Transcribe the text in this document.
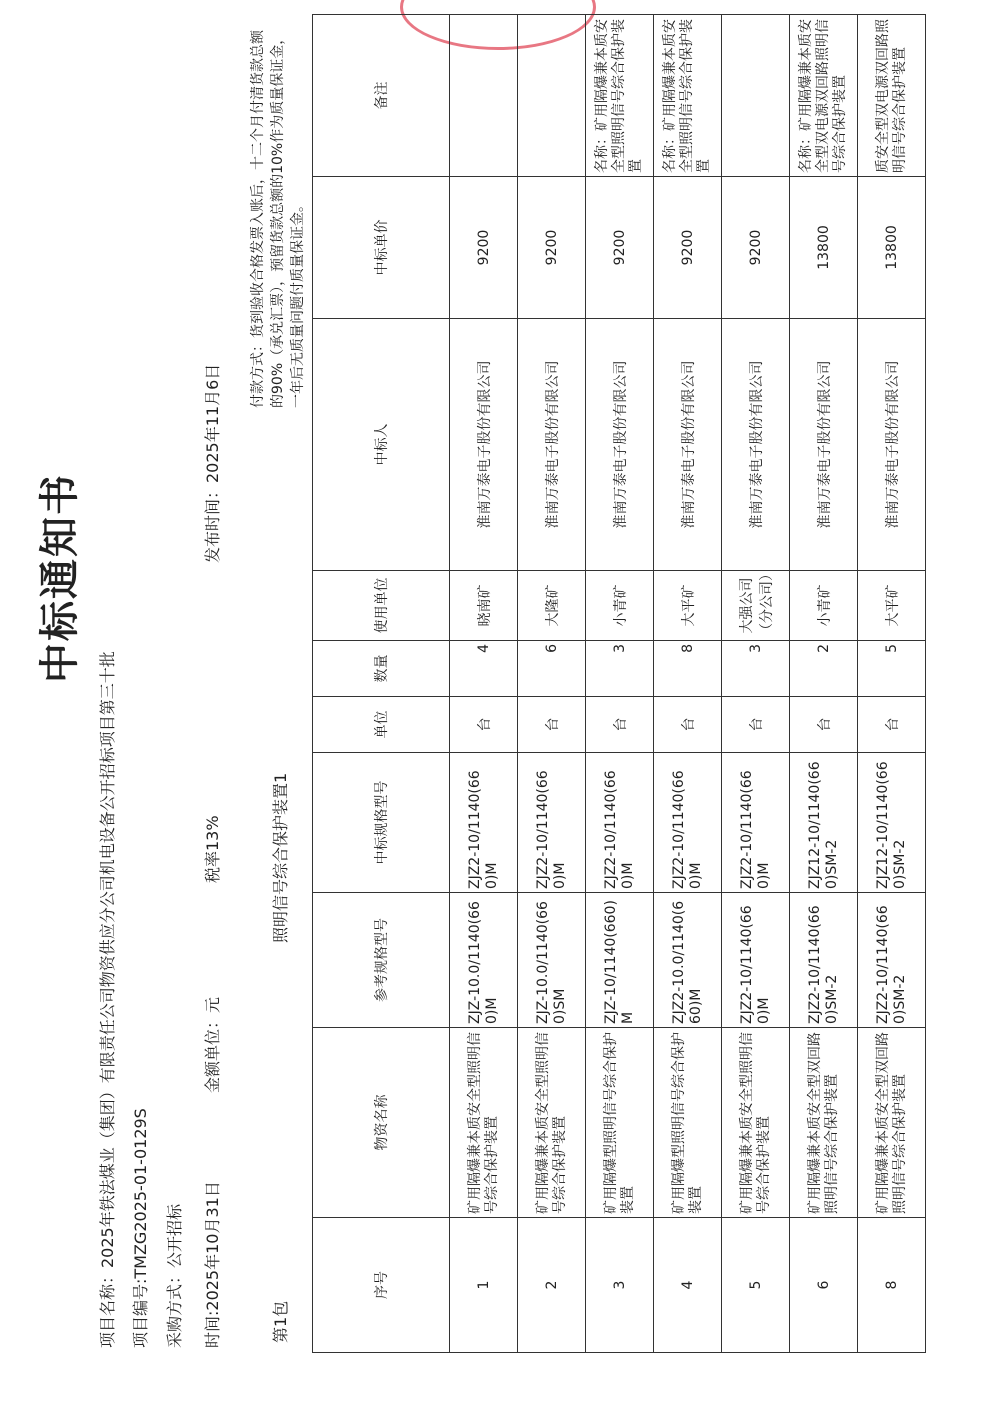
中标通知书
项目名称：2025年铁法煤业（集团）有限责任公司物资供应分公司机电设备公开招标项目第三十批 项目编号:TMZG2025-01-0129S 采购方式：公开招标 时间:2025年10月31日
金额单位：元
税率13%
发布时间：2025年11月6日
第1包
照明信号综合保护装置1
付款方式：货到验收合格发票入账后，十二个月付清货款总额的90%（承兑汇票），预留货款总额的10%作为质量保证金，一年后无质量问题付质量保证金。
序号	物资名称	参考规格型号	中标规格型号	单位	数量	使用单位	中标人	中标单价	备注
1	矿用隔爆兼本质安全型照明信号综合保护装置	ZJZ-10.0/1140(660)M	ZJZ2-10/1140(660)M	台	4	晓南矿	淮南万泰电子股份有限公司	9200	
2	矿用隔爆兼本质安全型照明信号综合保护装置	ZJZ-10.0/1140(660)SM	ZJZ2-10/1140(660)M	台	6	大隆矿	淮南万泰电子股份有限公司	9200	
3	矿用隔爆型照明信号综合保护装置	ZJZ-10/1140(660)M	ZJZ2-10/1140(660)M	台	3	小青矿	淮南万泰电子股份有限公司	9200	名称：矿用隔爆兼本质安全型照明信号综合保护装置
4	矿用隔爆型照明信号综合保护装置	ZJZ2-10.0/1140(660)M	ZJZ2-10/1140(660)M	台	8	大平矿	淮南万泰电子股份有限公司	9200	名称：矿用隔爆兼本质安全型照明信号综合保护装置
5	矿用隔爆兼本质安全型照明信号综合保护装置	ZJZ2-10/1140(660)M	ZJZ2-10/1140(660)M	台	3	大强公司（分公司）	淮南万泰电子股份有限公司	9200	
6	矿用隔爆兼本质安全型双回路照明信号综合保护装置	ZJZ2-10/1140(660)SM-2	ZJZ12-10/1140(660)SM-2	台	2	小青矿	淮南万泰电子股份有限公司	13800	名称：矿用隔爆兼本质安全型双电源双回路照明信号综合保护装置
8	矿用隔爆兼本质安全型双回路照明信号综合保护装置	ZJZ2-10/1140(660)SM-2	ZJZ12-10/1140(660)SM-2	台	5	大平矿	淮南万泰电子股份有限公司	13800	质安全型双电源双回路照明信号综合保护装置
